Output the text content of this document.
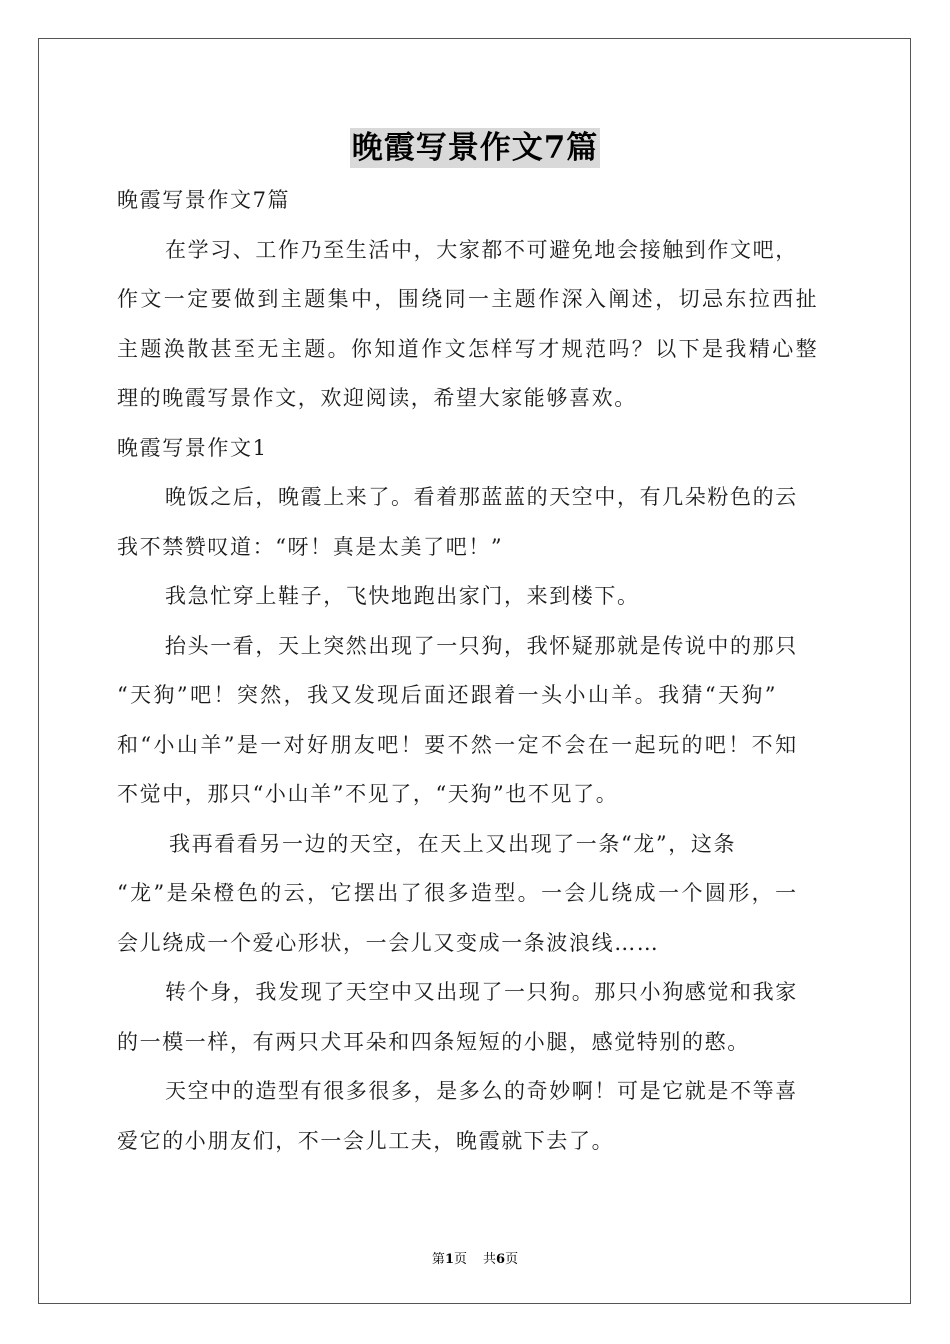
晚霞写景作文7篇
晚霞写景作文7篇
在学习、工作乃至生活中，大家都不可避免地会接触到作文吧，
作文一定要做到主题集中，围绕同一主题作深入阐述，切忌东拉西扯
主题涣散甚至无主题。你知道作文怎样写才规范吗？以下是我精心整
理的晚霞写景作文，欢迎阅读，希望大家能够喜欢。
晚霞写景作文1
晚饭之后，晚霞上来了。看着那蓝蓝的天空中，有几朵粉色的云
我不禁赞叹道：“呀！真是太美了吧！”
我急忙穿上鞋子，飞快地跑出家门，来到楼下。
抬头一看，天上突然出现了一只狗，我怀疑那就是传说中的那只
“天狗”吧！突然，我又发现后面还跟着一头小山羊。我猜“天狗”
和“小山羊”是一对好朋友吧！要不然一定不会在一起玩的吧！不知
不觉中，那只“小山羊”不见了，“天狗”也不见了。
我再看看另一边的天空，在天上又出现了一条“龙”，这条
“龙”是朵橙色的云，它摆出了很多造型。一会儿绕成一个圆形，一
会儿绕成一个爱心形状，一会儿又变成一条波浪线……
转个身，我发现了天空中又出现了一只狗。那只小狗感觉和我家
的一模一样，有两只犬耳朵和四条短短的小腿，感觉特别的憨。
天空中的造型有很多很多，是多么的奇妙啊！可是它就是不等喜
爱它的小朋友们，不一会儿工夫，晚霞就下去了。
第1页 共6页
